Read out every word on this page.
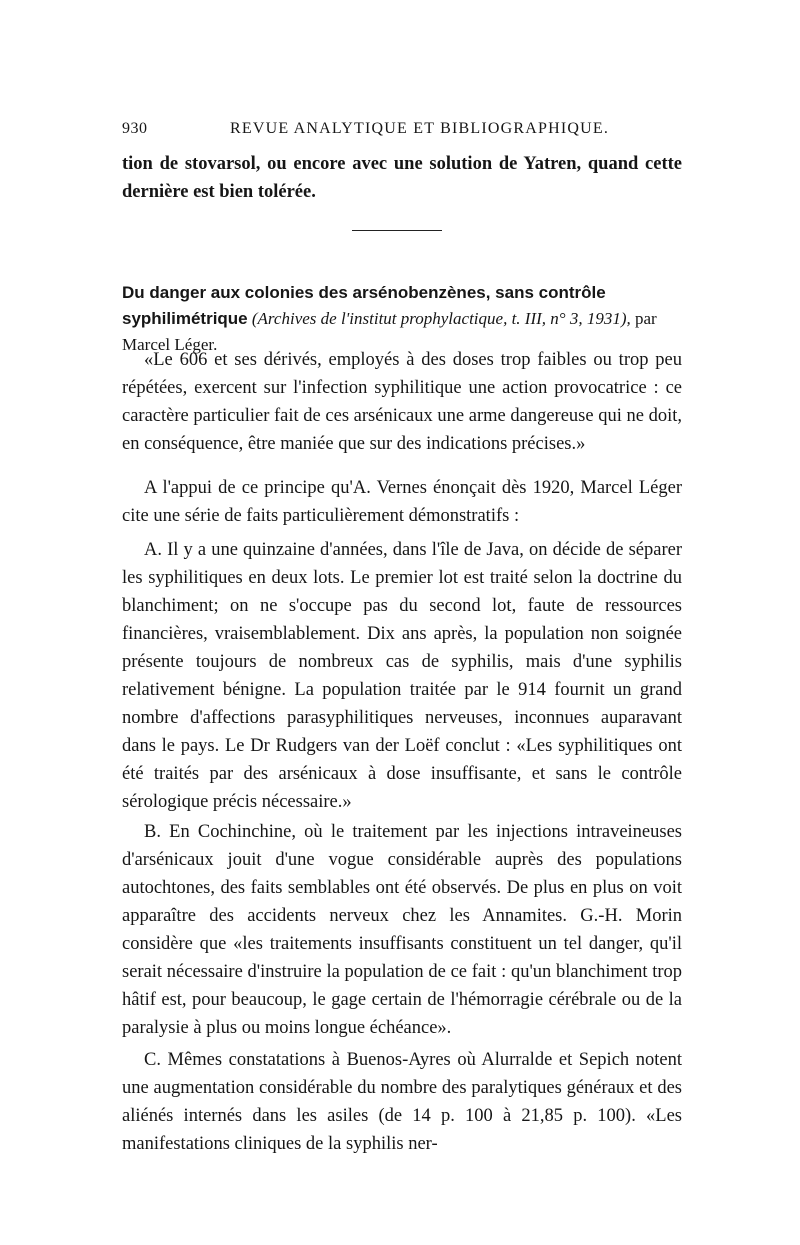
930	REVUE ANALYTIQUE ET BIBLIOGRAPHIQUE.
tion de stovarsol, ou encore avec une solution de Yatren, quand cette dernière est bien tolérée.
Du danger aux colonies des arsénobenzènes, sans contrôle syphilimétrique (Archives de l'institut prophylactique, t. III, n° 3, 1931), par Marcel Léger.
«Le 606 et ses dérivés, employés à des doses trop faibles ou trop peu répétées, exercent sur l'infection syphilitique une action provocatrice : ce caractère particulier fait de ces arsénicaux une arme dangereuse qui ne doit, en conséquence, être maniée que sur des indications précises.»
A l'appui de ce principe qu'A. Vernes énonçait dès 1920, Marcel Léger cite une série de faits particulièrement démonstratifs :
A. Il y a une quinzaine d'années, dans l'île de Java, on décide de séparer les syphilitiques en deux lots. Le premier lot est traité selon la doctrine du blanchiment; on ne s'occupe pas du second lot, faute de ressources financières, vraisemblablement. Dix ans après, la population non soignée présente toujours de nombreux cas de syphilis, mais d'une syphilis relativement bénigne. La population traitée par le 914 fournit un grand nombre d'affections parasyphilitiques nerveuses, inconnues auparavant dans le pays. Le Dr Rudgers van der Loëf conclut : «Les syphilitiques ont été traités par des arsénicaux à dose insuffisante, et sans le contrôle sérologique précis nécessaire.»
B. En Cochinchine, où le traitement par les injections intraveineuses d'arsénicaux jouit d'une vogue considérable auprès des populations autochtones, des faits semblables ont été observés. De plus en plus on voit apparaître des accidents nerveux chez les Annamites. G.-H. Morin considère que «les traitements insuffisants constituent un tel danger, qu'il serait nécessaire d'instruire la population de ce fait : qu'un blanchiment trop hâtif est, pour beaucoup, le gage certain de l'hémorragie cérébrale ou de la paralysie à plus ou moins longue échéance».
C. Mêmes constatations à Buenos-Ayres où Alurralde et Sepich notent une augmentation considérable du nombre des paralytiques généraux et des aliénés internés dans les asiles (de 14 p. 100 à 21,85 p. 100). «Les manifestations cliniques de la syphilis ner-
